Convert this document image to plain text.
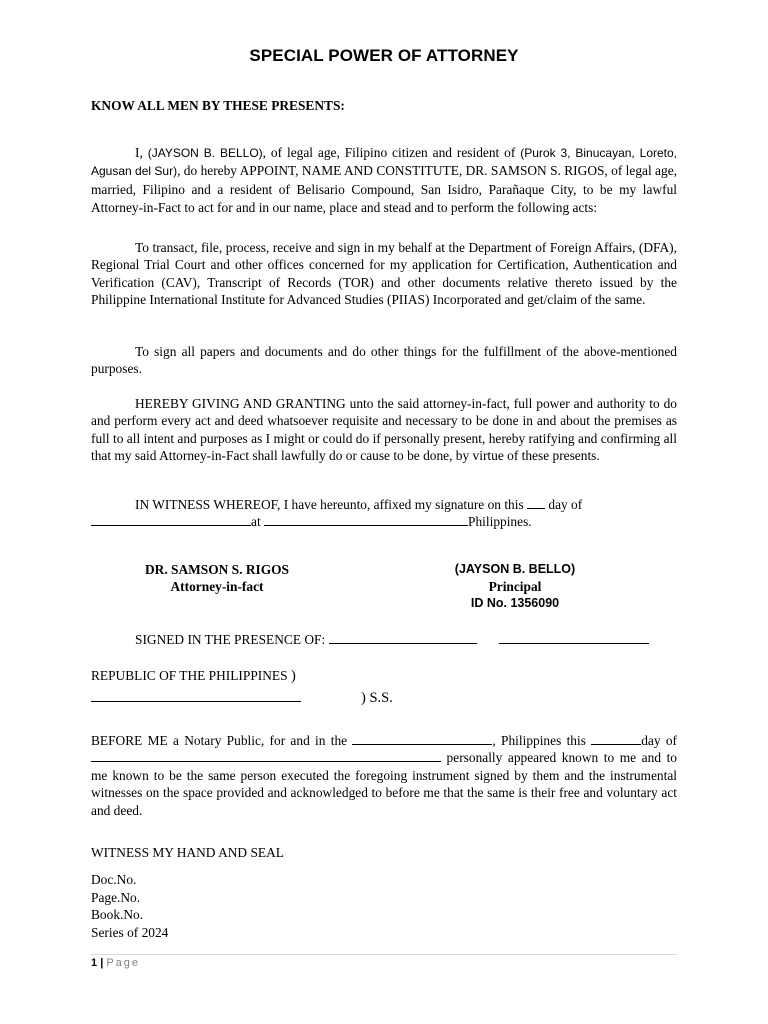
SPECIAL POWER OF ATTORNEY
KNOW ALL MEN BY THESE PRESENTS:
I, (JAYSON B. BELLO), of legal age, Filipino citizen and resident of (Purok 3, Binucayan, Loreto, Agusan del Sur), do hereby APPOINT, NAME AND CONSTITUTE, DR. SAMSON S. RIGOS, of legal age, married, Filipino and a resident of Belisario Compound, San Isidro, Parañaque City, to be my lawful Attorney-in-Fact to act for and in our name, place and stead and to perform the following acts:
To transact, file, process, receive and sign in my behalf at the Department of Foreign Affairs, (DFA), Regional Trial Court and other offices concerned for my application for Certification, Authentication and Verification (CAV), Transcript of Records (TOR) and other documents relative thereto issued by the Philippine International Institute for Advanced Studies (PIIAS) Incorporated and get/claim of the same.
To sign all papers and documents and do other things for the fulfillment of the above-mentioned purposes.
HEREBY GIVING AND GRANTING unto the said attorney-in-fact, full power and authority to do and perform every act and deed whatsoever requisite and necessary to be done in and about the premises as full to all intent and purposes as I might or could do if personally present, hereby ratifying and confirming all that my said Attorney-in-Fact shall lawfully do or cause to be done, by virtue of these presents.
IN WITNESS WHEREOF, I have hereunto, affixed my signature on this  day of
at	Philippines.
DR. SAMSON S. RIGOS
Attorney-in-fact
(JAYSON B. BELLO)
Principal
ID No. 1356090
SIGNED IN THE PRESENCE OF:
REPUBLIC OF THE PHILIPPINES )
) S.S.
BEFORE ME a Notary Public, for and in the	, Philippines this	day of personally appeared known to me and to me known to be the same person executed the foregoing instrument signed by them and the instrumental witnesses on the space provided and acknowledged to before me that the same is their free and voluntary act and deed.
WITNESS MY HAND AND SEAL
Doc.No.
Page.No.
Book.No.
Series of 2024
1 | Page
